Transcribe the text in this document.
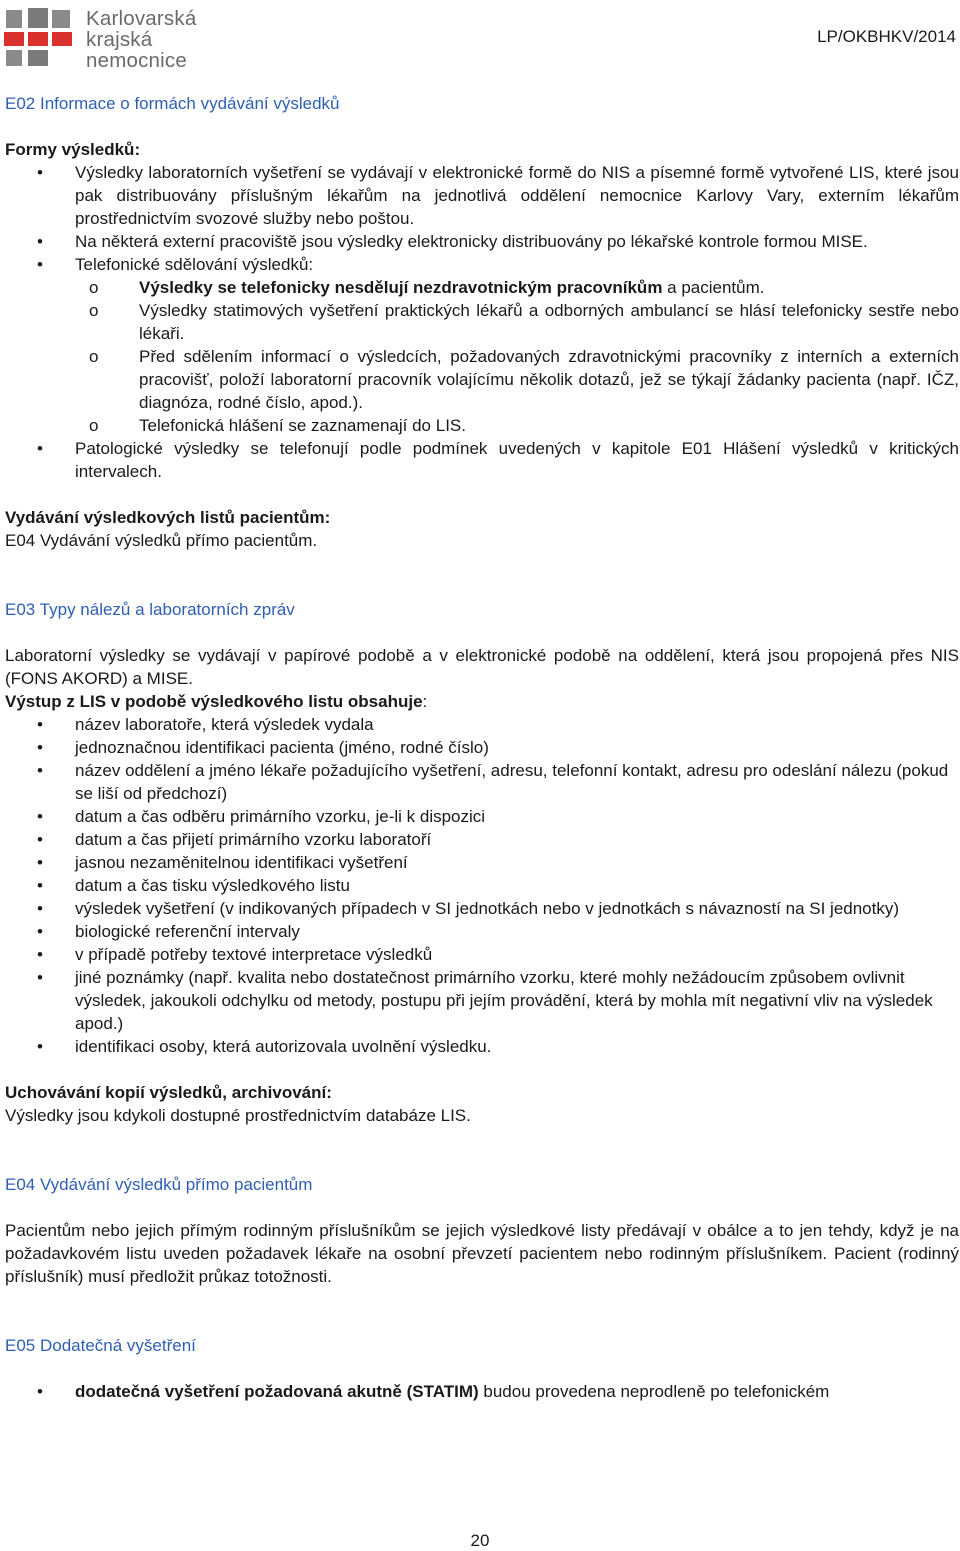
Karlovarská
krajská
nemocnice
LP/OKBHKV/2014
E02 Informace o formách vydávání výsledků
Formy výsledků:
• Výsledky laboratorních vyšetření se vydávají v elektronické formě do NIS a písemné formě vytvořené LIS, které jsou pak distribuovány příslušným lékařům na jednotlivá oddělení nemocnice Karlovy Vary, externím lékařům prostřednictvím svozové služby nebo poštou.
• Na některá externí pracoviště jsou výsledky elektronicky distribuovány po lékařské kontrole formou MISE.
• Telefonické sdělování výsledků:
o Výsledky se telefonicky nesdělují nezdravotnickým pracovníkům a pacientům.
o Výsledky statimových vyšetření praktických lékařů a odborných ambulancí se hlásí telefonicky sestře nebo lékaři.
o Před sdělením informací o výsledcích, požadovaných zdravotnickými pracovníky z interních a externích pracovišť, položí laboratorní pracovník volajícímu několik dotazů, jež se týkají žádanky pacienta (např. IČZ, diagnóza, rodné číslo, apod.).
o Telefonická hlášení se zaznamenají do LIS.
• Patologické výsledky se telefonují podle podmínek uvedených v kapitole E01 Hlášení výsledků v kritických intervalech.
Vydávání výsledkových listů pacientům:
E04 Vydávání výsledků přímo pacientům.
E03 Typy nálezů a laboratorních zpráv
Laboratorní výsledky se vydávají v papírové podobě a v elektronické podobě na oddělení, která jsou propojená přes NIS (FONS AKORD) a MISE.
Výstup z LIS v podobě výsledkového listu obsahuje:
• název laboratoře, která výsledek vydala
• jednoznačnou identifikaci pacienta (jméno, rodné číslo)
• název oddělení a jméno lékaře požadujícího vyšetření, adresu, telefonní kontakt, adresu pro odeslání nálezu (pokud se liší od předchozí)
• datum a čas odběru primárního vzorku, je-li k dispozici
• datum a čas přijetí primárního vzorku laboratoří
• jasnou nezaměnitelnou identifikaci vyšetření
• datum a čas tisku výsledkového listu
• výsledek vyšetření (v indikovaných případech v SI jednotkách nebo v jednotkách s návazností na SI jednotky)
• biologické referenční intervaly
• v případě potřeby textové interpretace výsledků
• jiné poznámky (např. kvalita nebo dostatečnost primárního vzorku, které mohly nežádoucím způsobem ovlivnit výsledek, jakoukoli odchylku od metody, postupu při jejím provádění, která by mohla mít negativní vliv na výsledek apod.)
• identifikaci osoby, která autorizovala uvolnění výsledku.
Uchovávání kopií výsledků, archivování:
Výsledky jsou kdykoli dostupné prostřednictvím databáze LIS.
E04 Vydávání výsledků přímo pacientům
Pacientům nebo jejich přímým rodinným příslušníkům se jejich výsledkové listy předávají v obálce a to jen tehdy, když je na požadavkovém listu uveden požadavek lékaře na osobní převzetí pacientem nebo rodinným příslušníkem. Pacient (rodinný příslušník) musí předložit průkaz totožnosti.
E05 Dodatečná vyšetření
• dodatečná vyšetření požadovaná akutně (STATIM) budou provedena neprodleně po telefonickém
20
